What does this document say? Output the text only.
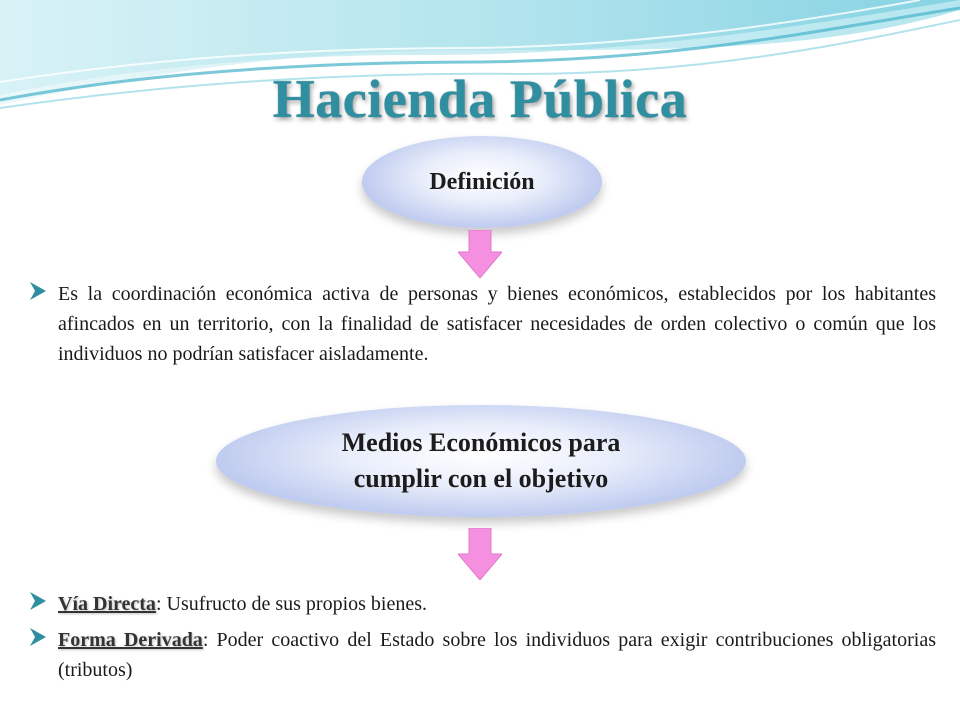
Hacienda Pública
Definición
Es la coordinación económica activa de personas y bienes económicos, establecidos por los habitantes afincados en un territorio, con la finalidad de satisfacer necesidades de orden colectivo o común que los individuos no podrían satisfacer aisladamente.
Medios Económicos para
cumplir con el objetivo
Vía Directa: Usufructo de sus propios bienes.
Forma Derivada: Poder coactivo del Estado sobre los individuos para exigir contribuciones obligatorias (tributos)
